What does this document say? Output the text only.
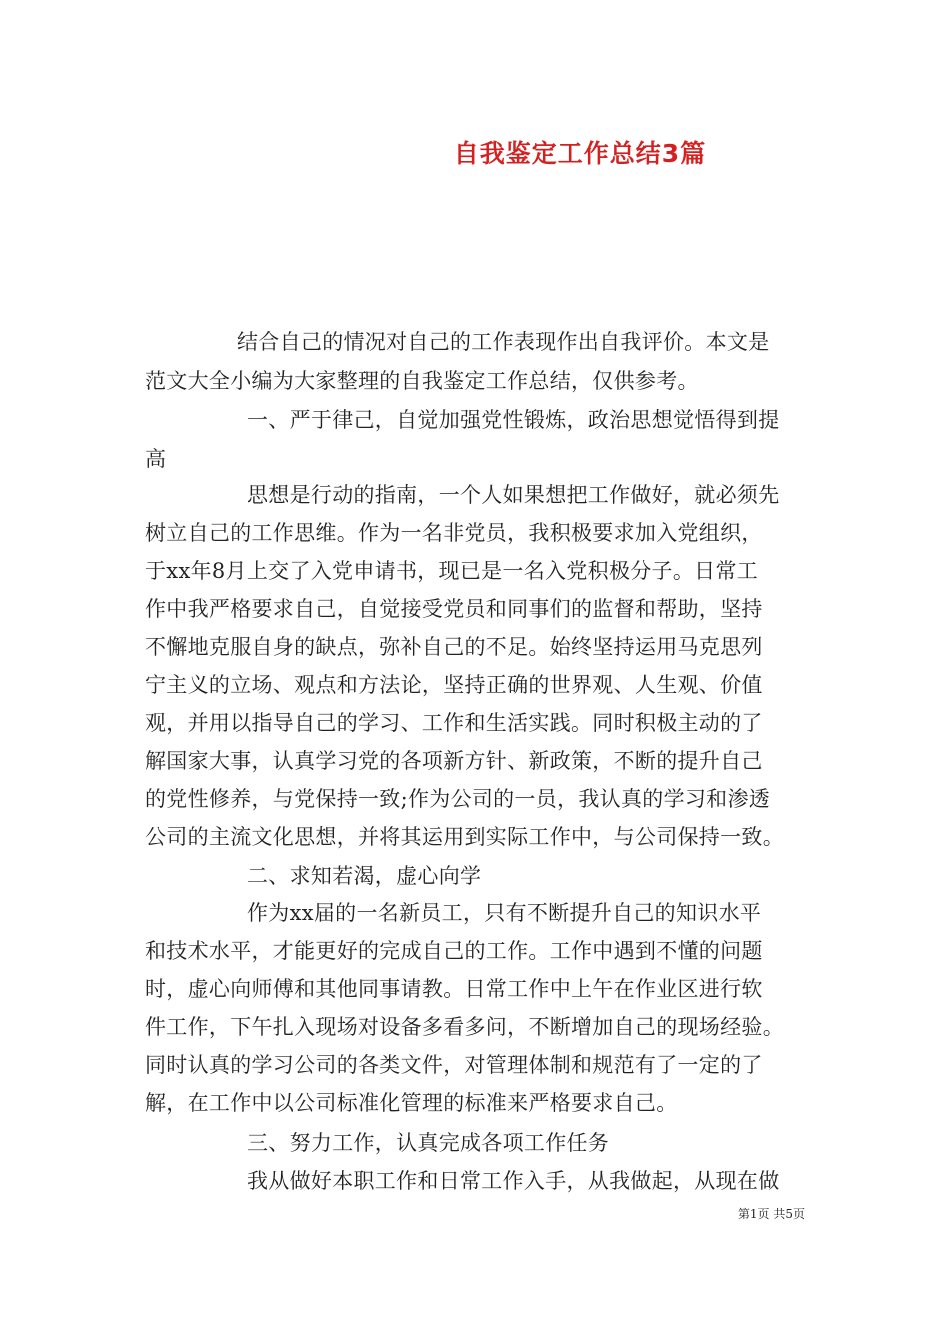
自我鉴定工作总结3篇
结合自己的情况对自己的工作表现作出自我评价。本文是
范文大全小编为大家整理的自我鉴定工作总结，仅供参考。
一、严于律己，自觉加强党性锻炼，政治思想觉悟得到提
高
思想是行动的指南，一个人如果想把工作做好，就必须先
树立自己的工作思维。作为一名非党员，我积极要求加入党组织，
于xx年8月上交了入党申请书，现已是一名入党积极分子。日常工
作中我严格要求自己，自觉接受党员和同事们的监督和帮助，坚持
不懈地克服自身的缺点，弥补自己的不足。始终坚持运用马克思列
宁主义的立场、观点和方法论，坚持正确的世界观、人生观、价值
观，并用以指导自己的学习、工作和生活实践。同时积极主动的了
解国家大事，认真学习党的各项新方针、新政策，不断的提升自己
的党性修养，与党保持一致;作为公司的一员，我认真的学习和渗透
公司的主流文化思想，并将其运用到实际工作中，与公司保持一致。
二、求知若渴，虚心向学
作为xx届的一名新员工，只有不断提升自己的知识水平
和技术水平，才能更好的完成自己的工作。工作中遇到不懂的问题
时，虚心向师傅和其他同事请教。日常工作中上午在作业区进行软
件工作，下午扎入现场对设备多看多问，不断增加自己的现场经验。
同时认真的学习公司的各类文件，对管理体制和规范有了一定的了
解，在工作中以公司标准化管理的标准来严格要求自己。
三、努力工作，认真完成各项工作任务
我从做好本职工作和日常工作入手，从我做起，从现在做
第1页 共5页
